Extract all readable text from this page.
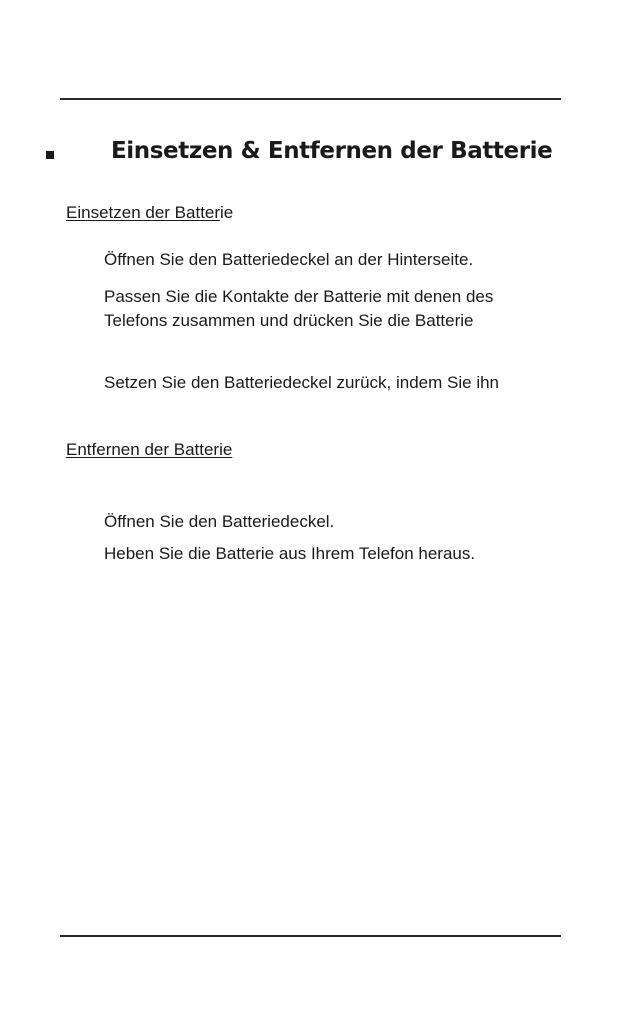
Einsetzen & Entfernen der Batterie
Einsetzen der Batterie
Öffnen Sie den Batteriedeckel an der Hinterseite.
Passen Sie die Kontakte der Batterie mit denen des
Telefons zusammen und drücken Sie die Batterie
Setzen Sie den Batteriedeckel zurück, indem Sie ihn
Entfernen der Batterie
Öffnen Sie den Batteriedeckel.
Heben Sie die Batterie aus Ihrem Telefon heraus.
